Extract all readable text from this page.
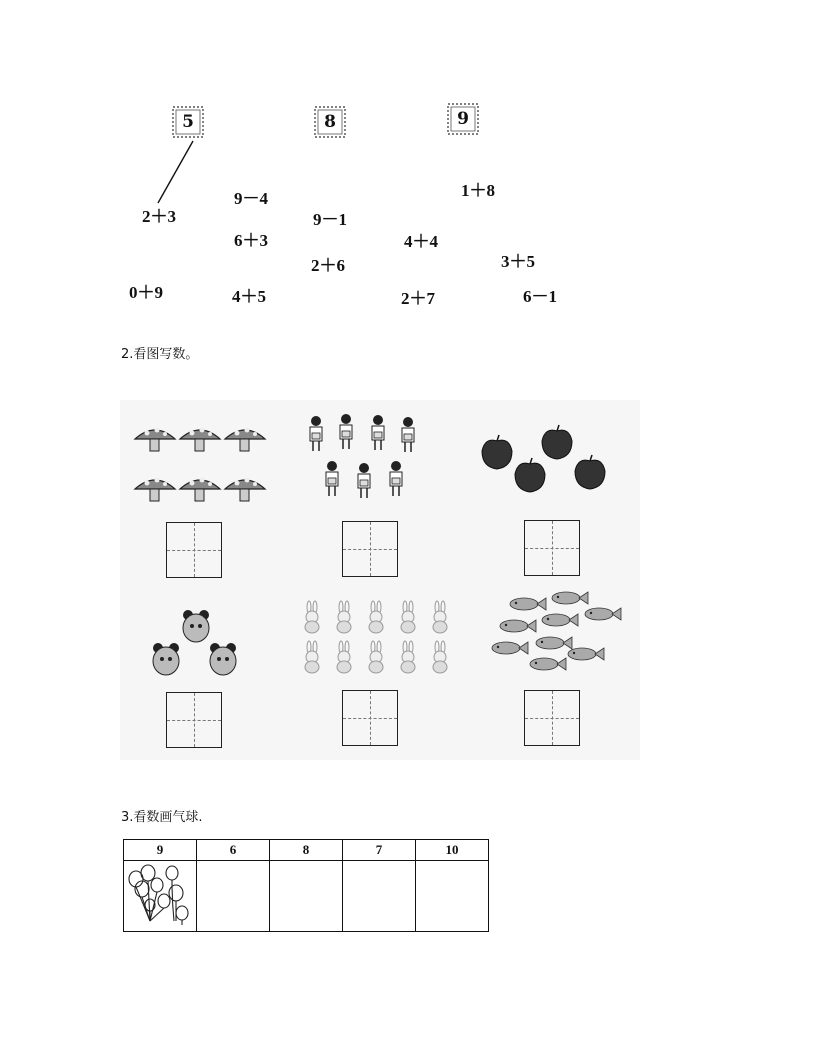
5	8	9
2＋3
9－4
6＋3
9－1
2＋6
1＋8
4＋4
3＋5
0＋9	4＋5	2＋7	6－1
2.看图写数。
3.看数画气球.
9	6	8	7	10
